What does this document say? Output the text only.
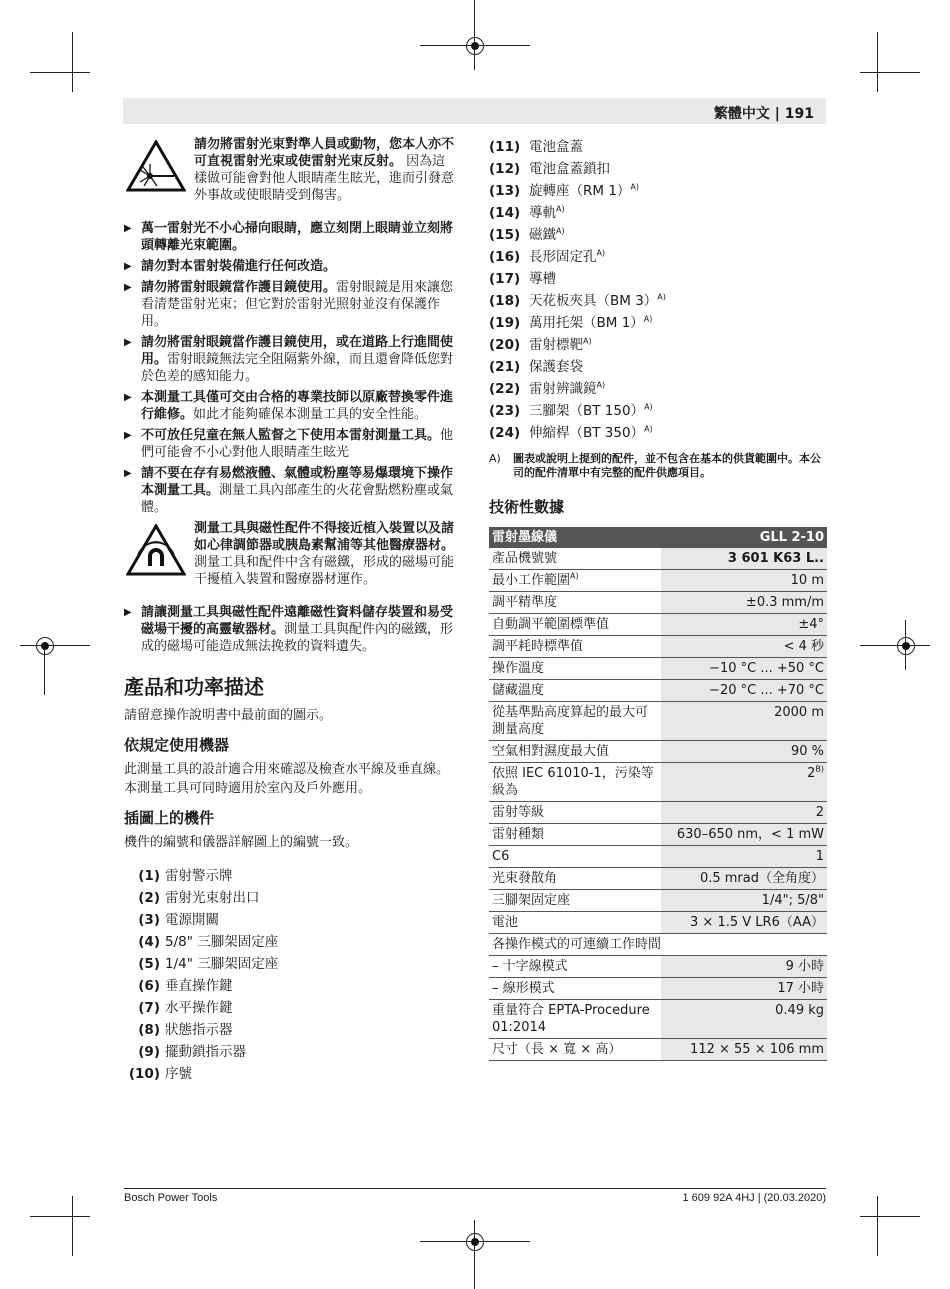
繁體中文 | 191

請勿將雷射光束對準人員或動物，您本人亦不可直視雷射光束或使雷射光束反射。 因為這樣做可能會對他人眼睛產生眩光，進而引發意外事故或使眼睛受到傷害。

▶ 萬一雷射光不小心掃向眼睛，應立刻閉上眼睛並立刻將頭轉離光束範圍。
▶ 請勿對本雷射裝備進行任何改造。
▶ 請勿將雷射眼鏡當作護目鏡使用。雷射眼鏡是用來讓您看清楚雷射光束；但它對於雷射光照射並沒有保護作用。
▶ 請勿將雷射眼鏡當作護目鏡使用，或在道路上行進間使用。雷射眼鏡無法完全阻隔紫外線，而且還會降低您對於色差的感知能力。
▶ 本測量工具僅可交由合格的專業技師以原廠替換零件進行維修。如此才能夠確保本測量工具的安全性能。
▶ 不可放任兒童在無人監督之下使用本雷射測量工具。他們可能會不小心對他人眼睛產生眩光
▶ 請不要在存有易燃液體、氣體或粉塵等易爆環境下操作本測量工具。測量工具內部產生的火花會點燃粉塵或氣體。

測量工具與磁性配件不得接近植入裝置以及諸如心律調節器或胰島素幫浦等其他醫療器材。 測量工具和配件中含有磁鐵，形成的磁場可能干擾植入裝置和醫療器材運作。

▶ 請讓測量工具與磁性配件遠離磁性資料儲存裝置和易受磁場干擾的高靈敏器材。測量工具與配件內的磁鐵，形成的磁場可能造成無法挽救的資料遺失。
產品和功率描述

請留意操作說明書中最前面的圖示。

依規定使用機器

此測量工具的設計適合用來確認及檢查水平線及垂直線。

本測量工具可同時適用於室內及戶外應用。

插圖上的機件

機件的編號和儀器詳解圖上的編號一致。

(1) 雷射警示牌
(2) 雷射光束射出口
(3) 電源開關
(4) 5/8" 三腳架固定座
(5) 1/4" 三腳架固定座
(6) 垂直操作鍵
(7) 水平操作鍵
(8) 狀態指示器
(9) 擺動鎖指示器
(10) 序號
(11) 電池盒蓋
(12) 電池盒蓋鎖扣
(13) 旋轉座（RM 1）$^{A)}$
(14) 導軌$^{A)}$
(15) 磁鐵$^{A)}$
(16) 長形固定孔$^{A)}$
(17) 導槽
(18) 天花板夾具（BM 3）$^{A)}$
(19) 萬用托架（BM 1）$^{A)}$
(20) 雷射標靶$^{A)}$
(21) 保護套袋
(22) 雷射辨識鏡$^{A)}$
(23) 三腳架（BT 150）$^{A)}$
(24) 伸縮桿（BT 350）$^{A)}$
A) 圖表或說明上提到的配件，並不包含在基本的供貨範圍中。本公司的配件清單中有完整的配件供應項目。
技術性數據
雷射墨線儀	GLL 2-10
產品機號號	3 601 K63 L..
最小工作範圍$^{A)}$	10 m
調平精準度	±0.3 mm/m
自動調平範圍標準值	±4°
調平耗時標準值	< 4 秒
操作溫度	−10 °C ... +50 °C
儲藏溫度	−20 °C ... +70 °C
從基準點高度算起的最大可測量高度	2000 m
空氣相對濕度最大值	90 %
依照 IEC 61010-1，污染等級為	$2^{B)}$
雷射等級	2
雷射種類	630–650 nm，< 1 mW
C6	1
光束發散角	0.5 mrad（全角度）
三腳架固定座	1/4"; 5/8"
電池	3 × 1.5 V LR6（AA）
各操作模式的可連續工作時間	
– 十字線模式	9 小時
– 線形模式	17 小時
重量符合 EPTA-Procedure 01:2014	0.49 kg
尺寸（長 × 寬 × 高）	112 × 55 × 106 mm
Bosch Power Tools	1 609 92A 4HJ | (20.03.2020)
